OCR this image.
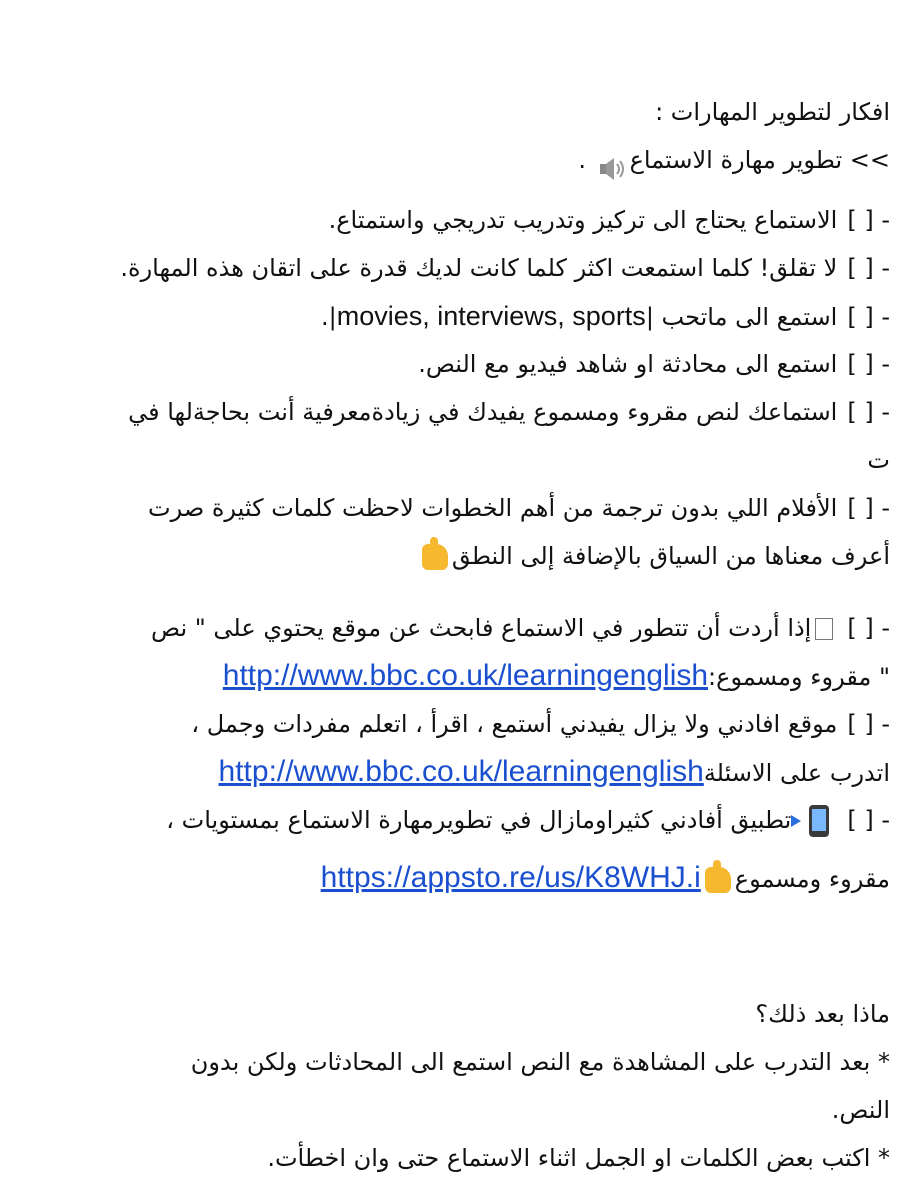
افكار لتطوير المهارات :
>> تطوير مهارة الاستماع .
- [ ]الاستماع يحتاج الى تركيز وتدريب تدريجي واستمتاع.
- [ ]لا تقلق! كلما استمعت اكثر كلما كانت لديك قدرة على اتقان هذه المهارة.
- [ ]استمع الى ماتحب |movies, interviews, sports|.
- [ ]استمع الى محادثة او شاهد فيديو مع النص.
- [ ]استماعك لنص مقروء ومسموع يفيدك في زيادةمعرفية أنت بحاجةلها في
ت
- [ ]الأفلام اللي بدون ترجمة من أهم الخطوات لاحظت كلمات كثيرة صرت
أعرف معناها من السياق بالإضافة إلى النطق
- [ ]إذا أردت أن تتطور في الاستماع فابحث عن موقع يحتوي على " نص
" مقروء ومسموع:http://www.bbc.co.uk/learningenglish
- [ ]موقع افادني ولا يزال يفيدني أستمع ، اقرأ ، اتعلم مفردات وجمل ،
اتدرب على الاسئلةhttp://www.bbc.co.uk/learningenglish
- [ ]تطبيق أفادني كثيراومازال في تطويرمهارة الاستماع بمستويات ،
مقروء ومسموعhttps://appsto.re/us/K8WHJ.i
ماذا بعد ذلك؟
* بعد التدرب على المشاهدة مع النص استمع الى المحادثات ولكن بدون
النص.
* اكتب بعض الكلمات او الجمل اثناء الاستماع حتى وان اخطأت.
